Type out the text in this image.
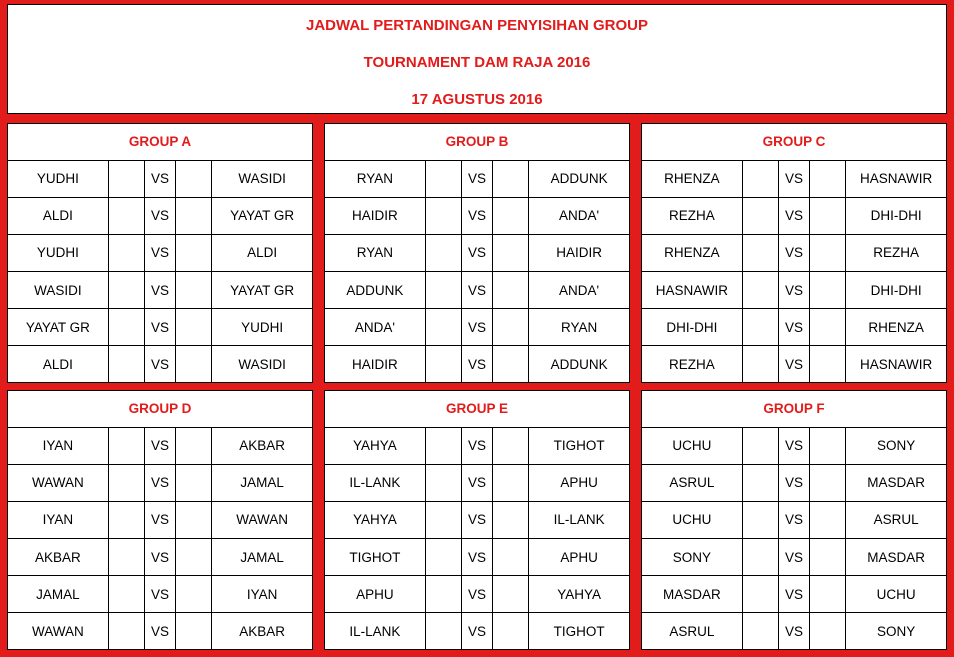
JADWAL PERTANDINGAN PENYISIHAN GROUP
TOURNAMENT DAM RAJA 2016
17 AGUSTUS 2016
GROUP A				
YUDHI		VS		WASIDI
ALDI		VS		YAYAT GR
YUDHI		VS		ALDI
WASIDI		VS		YAYAT GR
YAYAT GR		VS		YUDHI
ALDI		VS		WASIDI
GROUP B				
RYAN		VS		ADDUNK
HAIDIR		VS		ANDA'
RYAN		VS		HAIDIR
ADDUNK		VS		ANDA'
ANDA'		VS		RYAN
HAIDIR		VS		ADDUNK
GROUP C				
RHENZA		VS		HASNAWIR
REZHA		VS		DHI-DHI
RHENZA		VS		REZHA
HASNAWIR		VS		DHI-DHI
DHI-DHI		VS		RHENZA
REZHA		VS		HASNAWIR
GROUP D				
IYAN		VS		AKBAR
WAWAN		VS		JAMAL
IYAN		VS		WAWAN
AKBAR		VS		JAMAL
JAMAL		VS		IYAN
WAWAN		VS		AKBAR
GROUP E				
YAHYA		VS		TIGHOT
IL-LANK		VS		APHU
YAHYA		VS		IL-LANK
TIGHOT		VS		APHU
APHU		VS		YAHYA
IL-LANK		VS		TIGHOT
GROUP F				
UCHU		VS		SONY
ASRUL		VS		MASDAR
UCHU		VS		ASRUL
SONY		VS		MASDAR
MASDAR		VS		UCHU
ASRUL		VS		SONY
